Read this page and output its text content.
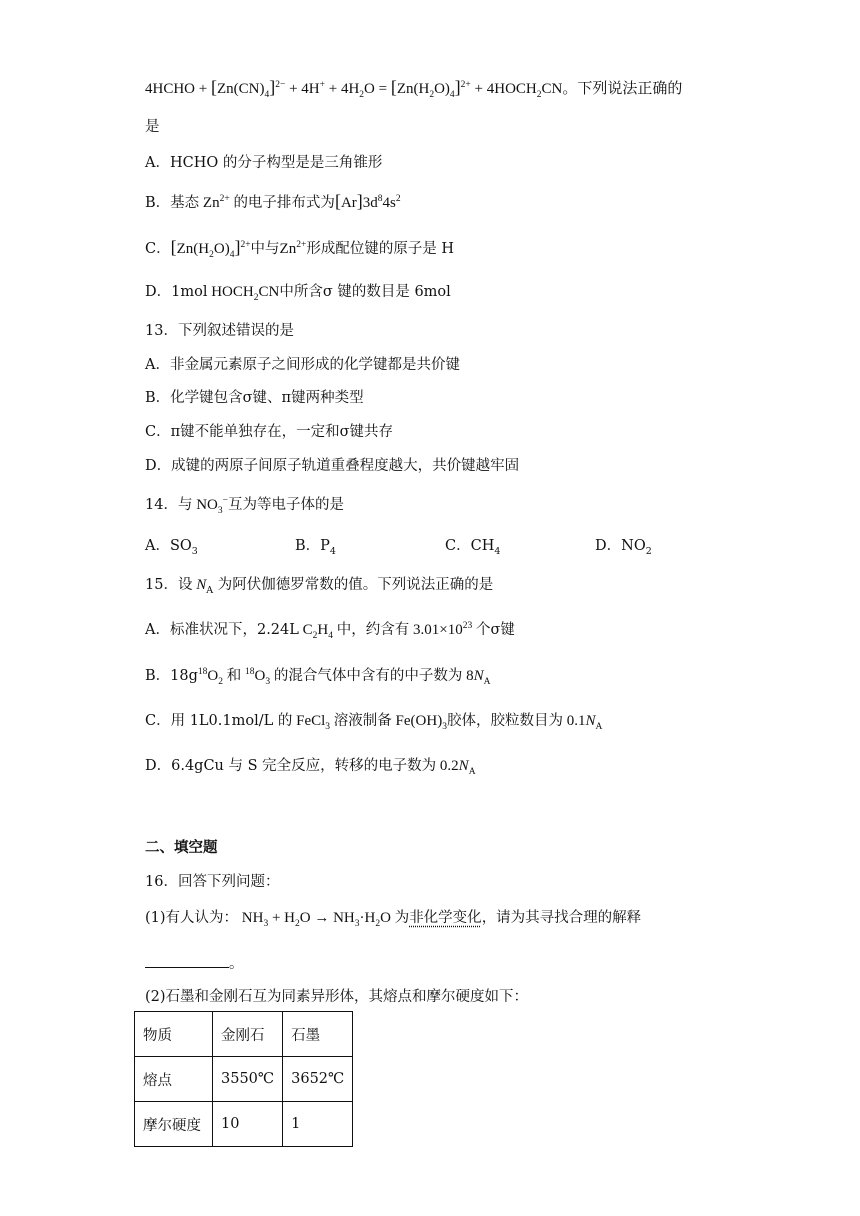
4HCHO + $[Zn(CN)_4]^{2-} + 4H^+ + 4H_2O = [Zn(H_2O)_4]^{2+}$ + $4HOCH_2CN$。下列说法正确的
是
A．HCHO 的分子构型是是三角锥形
B．基态 $Zn^{2+}$ 的电子排布式为$[Ar]3d^84s^2$
C．$[Zn(H_2O)_4]^{2+}$中与$Zn^{2+}$形成配位键的原子是 H
D．1mol $HOCH_2CN$中所含σ 键的数目是 6mol
13．下列叙述错误的是
A．非金属元素原子之间形成的化学键都是共价键
B．化学键包含σ键、π键两种类型
C．π键不能单独存在，一定和σ键共存
D．成键的两原子间原子轨道重叠程度越大，共价键越牢固
14．与 $NO_3^-$互为等电子体的是
A．$SO_3$	B．$P_4$	C．$CH_4$	D．$NO_2$
15．设 $N_A$ 为阿伏伽德罗常数的值。下列说法正确的是
A．标准状况下，2.24L $C_2H_4$ 中，约含有 $3.01\times 10^{23}$ 个σ键
B．$18g^{18}O_2$ 和 $^{18}O_3$ 的混合气体中含有的中子数为 $8N_A$
C．用 1L0.1mol/L 的 FeCl$_3$ 溶液制备 $Fe(OH)_3$胶体，胶粒数目为 $0.1N_A$
D．6.4gCu 与 S 完全反应，转移的电子数为 $0.2N_A$
二、填空题
16．回答下列问题：
(1)有人认为： $NH_3 + H_2O \to NH_3\cdot H_2O$ 为非化学变化，请为其寻找合理的解释
。
(2)石墨和金刚石互为同素异形体，其熔点和摩尔硬度如下：
物质	金刚石	石墨
熔点	3550℃	3652℃
摩尔硬度	10	1
